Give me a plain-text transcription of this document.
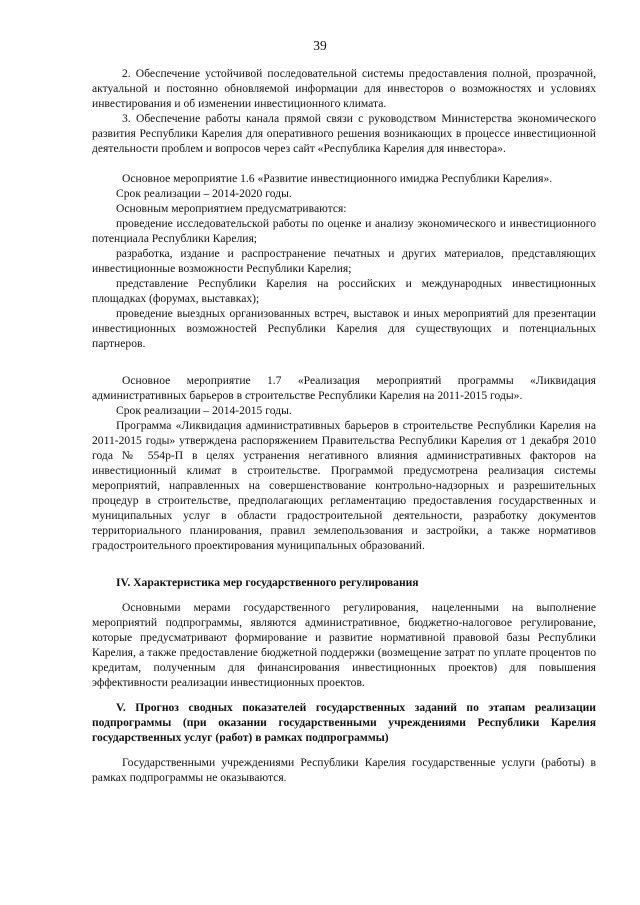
39

2. Обеспечение устойчивой последовательной системы предоставления полной, прозрачной, актуальной и постоянно обновляемой информации для инвесторов о возможностях и условиях инвестирования и об изменении инвестиционного климата.

3. Обеспечение работы канала прямой связи с руководством Министерства экономического развития Республики Карелия для оперативного решения возникающих в процессе инвестиционной деятельности проблем и вопросов через сайт «Республика Карелия для инвестора».

Основное мероприятие 1.6 «Развитие инвестиционного имиджа Республики Карелия».

Срок реализации – 2014-2020 годы.

Основным мероприятием предусматриваются:

проведение исследовательской работы по оценке и анализу экономического и инвестиционного потенциала Республики Карелия;

разработка, издание и распространение печатных и других материалов, представляющих инвестиционные возможности Республики Карелия;

представление Республики Карелия на российских и международных инвестиционных площадках (форумах, выставках);

проведение выездных организованных встреч, выставок и иных мероприятий для презентации инвестиционных возможностей Республики Карелия для существующих и потенциальных партнеров.

Основное мероприятие 1.7 «Реализация мероприятий программы «Ликвидация административных барьеров в строительстве Республики Карелия на 2011-2015 годы».

Срок реализации – 2014-2015 годы.

Программа «Ликвидация административных барьеров в строительстве Республики Карелия на 2011-2015 годы» утверждена распоряжением Правительства Республики Карелия от 1 декабря 2010 года № 554р-П в целях устранения негативного влияния административных факторов на инвестиционный климат в строительстве. Программой предусмотрена реализация системы мероприятий, направленных на совершенствование контрольно-надзорных и разрешительных процедур в строительстве, предполагающих регламентацию предоставления государственных и муниципальных услуг в области градостроительной деятельности, разработку документов территориального планирования, правил землепользования и застройки, а также нормативов градостроительного проектирования муниципальных образований.

IV. Характеристика мер государственного регулирования

Основными мерами государственного регулирования, нацеленными на выполнение мероприятий подпрограммы, являются административное, бюджетно-налоговое регулирование, которые предусматривают формирование и развитие нормативной правовой базы Республики Карелия, а также предоставление бюджетной поддержки (возмещение затрат по уплате процентов по кредитам, полученным для финансирования инвестиционных проектов) для повышения эффективности реализации инвестиционных проектов.

V. Прогноз сводных показателей государственных заданий по этапам реализации подпрограммы (при оказании государственными учреждениями Республики Карелия государственных услуг (работ) в рамках подпрограммы)

Государственными учреждениями Республики Карелия государственные услуги (работы) в рамках подпрограммы не оказываются.
